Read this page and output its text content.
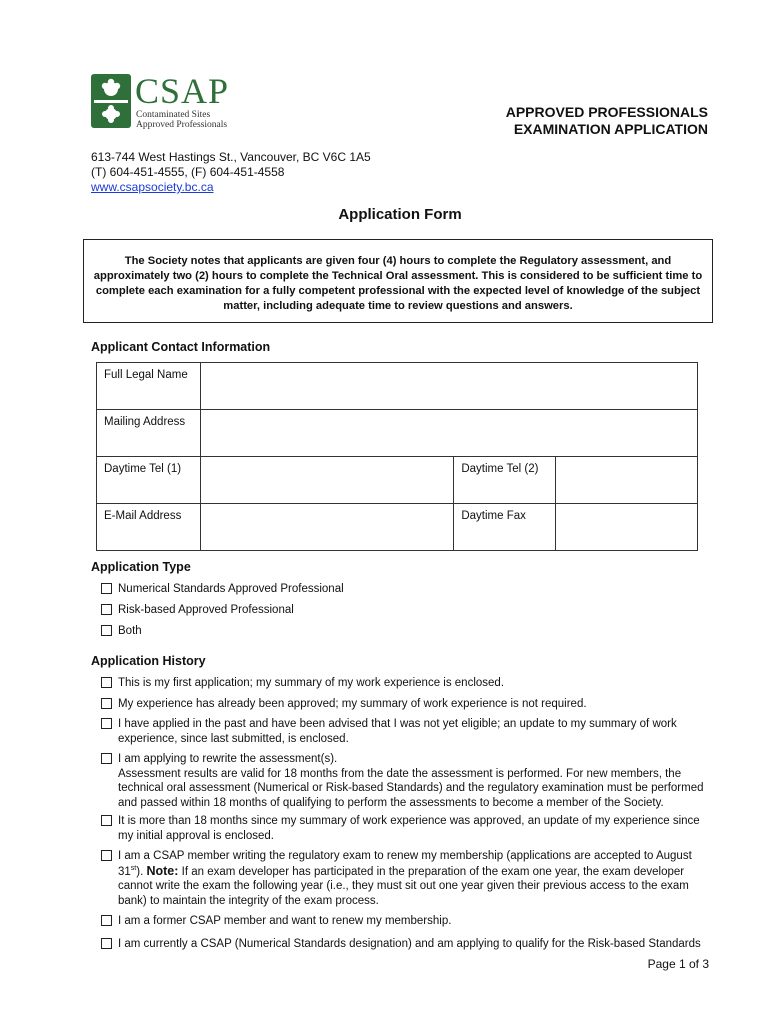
CSAP
Contaminated Sites
Approved Professionals
APPROVED PROFESSIONALS
EXAMINATION APPLICATION
613-744 West Hastings St., Vancouver, BC V6C 1A5
(T) 604-451-4555, (F) 604-451-4558
www.csapsociety.bc.ca
Application Form
The Society notes that applicants are given four (4) hours to complete the Regulatory assessment, and approximately two (2) hours to complete the Technical Oral assessment. This is considered to be sufficient time to complete each examination for a fully competent professional with the expected level of knowledge of the subject matter, including adequate time to review questions and answers.
Applicant Contact Information
Full Legal Name			
Mailing Address			
Daytime Tel (1)		Daytime Tel (2)	
E-Mail Address		Daytime Fax	
Application Type
Numerical Standards Approved Professional
Risk-based Approved Professional
Both
Application History
This is my first application; my summary of my work experience is enclosed.
My experience has already been approved; my summary of work experience is not required.
I have applied in the past and have been advised that I was not yet eligible; an update to my summary of work experience, since last submitted, is enclosed.
I am applying to rewrite the assessment(s).
Assessment results are valid for 18 months from the date the assessment is performed. For new members, the technical oral assessment (Numerical or Risk-based Standards) and the regulatory examination must be performed and passed within 18 months of qualifying to perform the assessments to become a member of the Society.
It is more than 18 months since my summary of work experience was approved, an update of my experience since my initial approval is enclosed.
I am a CSAP member writing the regulatory exam to renew my membership (applications are accepted to August 31st). Note: If an exam developer has participated in the preparation of the exam one year, the exam developer cannot write the exam the following year (i.e., they must sit out one year given their previous access to the exam bank) to maintain the integrity of the exam process.
I am a former CSAP member and want to renew my membership.
I am currently a CSAP (Numerical Standards designation) and am applying to qualify for the Risk-based Standards
Page 1 of 3
